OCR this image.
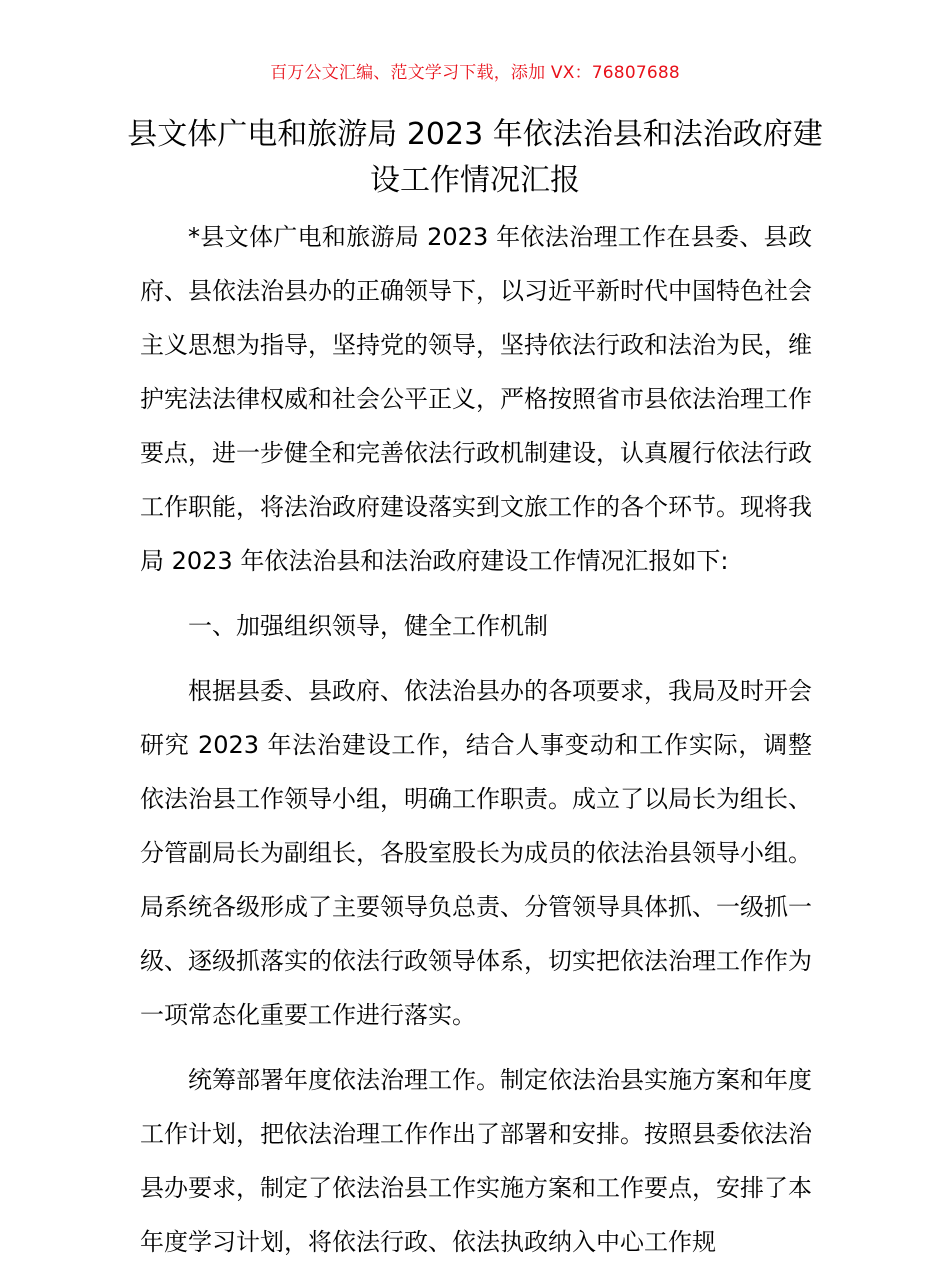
百万公文汇编、范文学习下载，添加 VX：76807688
县文体广电和旅游局 2023 年依法治县和法治政府建设工作情况汇报

*县文体广电和旅游局 2023 年依法治理工作在县委、县政府、县依法治县办的正确领导下，以习近平新时代中国特色社会主义思想为指导，坚持党的领导，坚持依法行政和法治为民，维护宪法法律权威和社会公平正义，严格按照省市县依法治理工作要点，进一步健全和完善依法行政机制建设，认真履行依法行政工作职能，将法治政府建设落实到文旅工作的各个环节。现将我局 2023 年依法治县和法治政府建设工作情况汇报如下:

一、加强组织领导，健全工作机制

根据县委、县政府、依法治县办的各项要求，我局及时开会研究 2023 年法治建设工作，结合人事变动和工作实际，调整依法治县工作领导小组，明确工作职责。成立了以局长为组长、分管副局长为副组长，各股室股长为成员的依法治县领导小组。局系统各级形成了主要领导负总责、分管领导具体抓、一级抓一级、逐级抓落实的依法行政领导体系，切实把依法治理工作作为一项常态化重要工作进行落实。

统筹部署年度依法治理工作。制定依法治县实施方案和年度工作计划，把依法治理工作作出了部署和安排。按照县委依法治县办要求，制定了依法治县工作实施方案和工作要点，安排了本年度学习计划，将依法行政、依法执政纳入中心工作规
